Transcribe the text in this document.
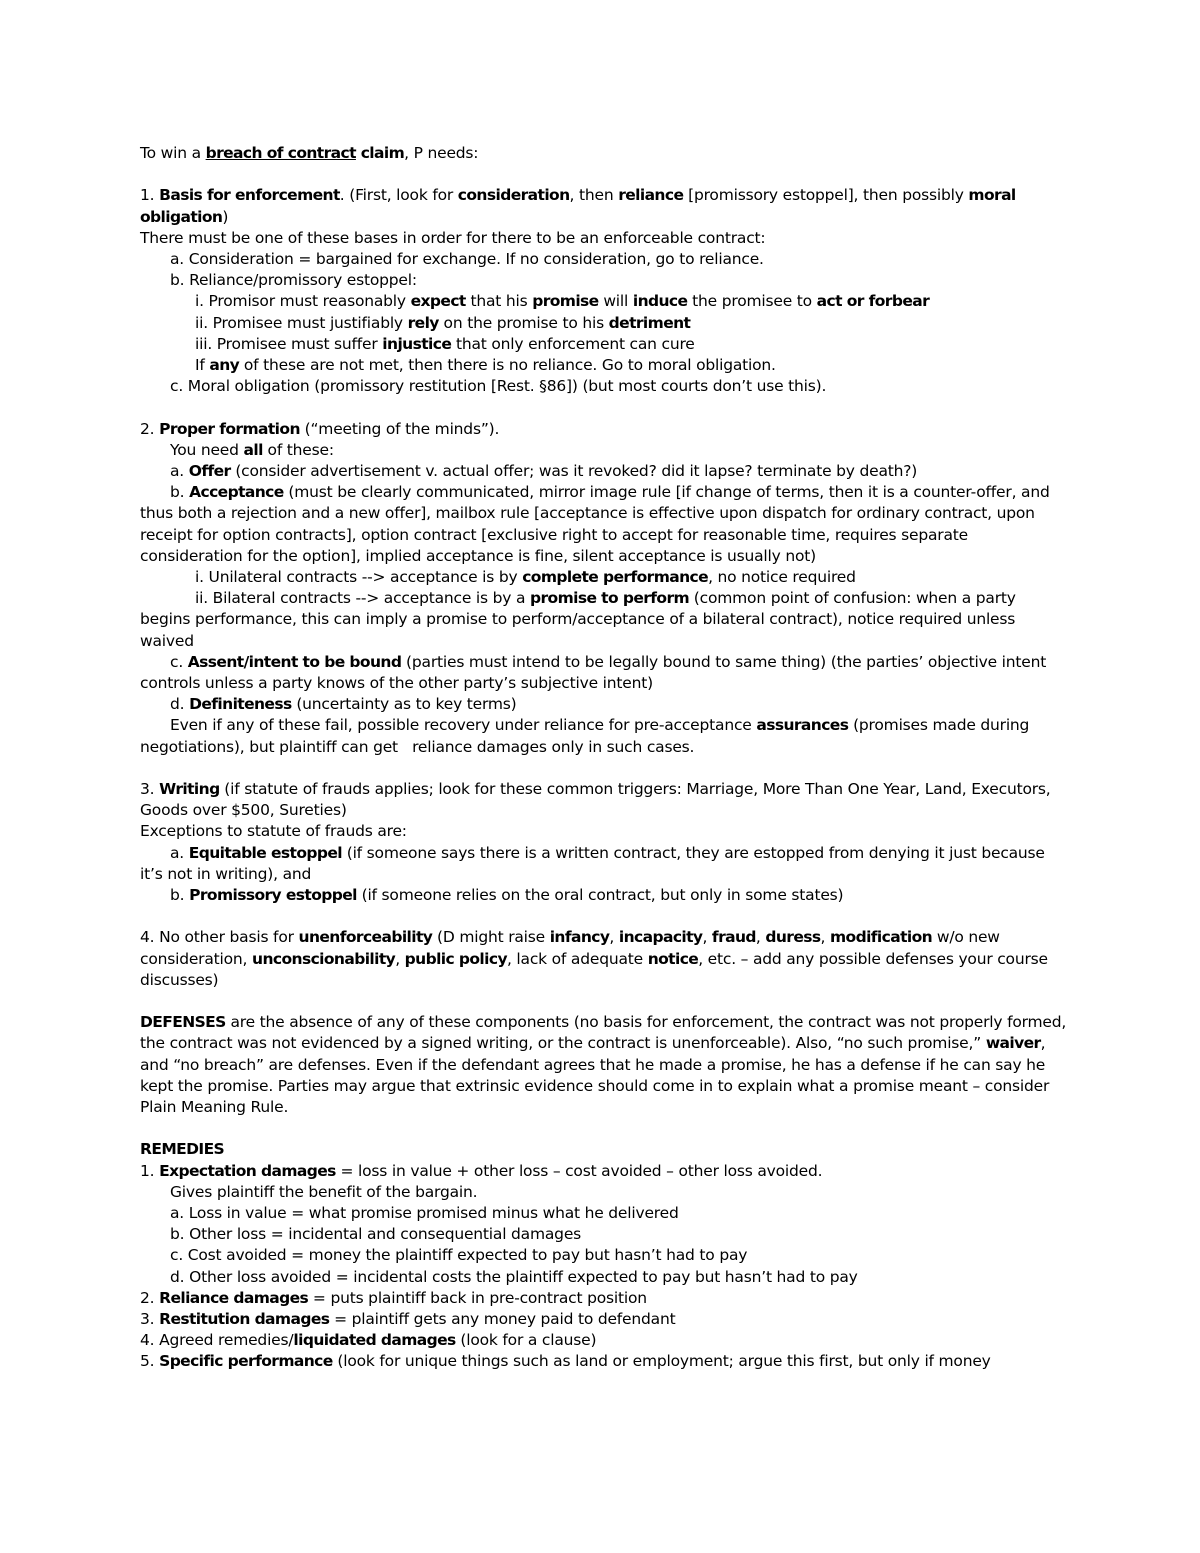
To win a breach of contract claim, P needs:
1. Basis for enforcement. (First, look for consideration, then reliance [promissory estoppel], then possibly moral obligation)
There must be one of these bases in order for there to be an enforceable contract:
a. Consideration = bargained for exchange. If no consideration, go to reliance.
b. Reliance/promissory estoppel:
i. Promisor must reasonably expect that his promise will induce the promisee to act or forbear
ii. Promisee must justifiably rely on the promise to his detriment
iii. Promisee must suffer injustice that only enforcement can cure
If any of these are not met, then there is no reliance. Go to moral obligation.
c. Moral obligation (promissory restitution [Rest. §86]) (but most courts don’t use this).
2. Proper formation (“meeting of the minds”).
You need all of these:
a. Offer (consider advertisement v. actual offer; was it revoked? did it lapse? terminate by death?)
b. Acceptance (must be clearly communicated, mirror image rule [if change of terms, then it is a counter-offer, and thus both a rejection and a new offer], mailbox rule [acceptance is effective upon dispatch for ordinary contract, upon receipt for option contracts], option contract [exclusive right to accept for reasonable time, requires separate consideration for the option], implied acceptance is fine, silent acceptance is usually not)
i. Unilateral contracts --> acceptance is by complete performance, no notice required
ii. Bilateral contracts --> acceptance is by a promise to perform (common point of confusion: when a party begins performance, this can imply a promise to perform/acceptance of a bilateral contract), notice required unless waived
c. Assent/intent to be bound (parties must intend to be legally bound to same thing) (the parties’ objective intent controls unless a party knows of the other party’s subjective intent)
d. Definiteness (uncertainty as to key terms)
Even if any of these fail, possible recovery under reliance for pre-acceptance assurances (promises made during negotiations), but plaintiff can get   reliance damages only in such cases.
3. Writing (if statute of frauds applies; look for these common triggers: Marriage, More Than One Year, Land, Executors, Goods over $500, Sureties)
Exceptions to statute of frauds are:
a. Equitable estoppel (if someone says there is a written contract, they are estopped from denying it just because it’s not in writing), and
b. Promissory estoppel (if someone relies on the oral contract, but only in some states)
4. No other basis for unenforceability (D might raise infancy, incapacity, fraud, duress, modification w/o new consideration, unconscionability, public policy, lack of adequate notice, etc. – add any possible defenses your course discusses)
DEFENSES are the absence of any of these components (no basis for enforcement, the contract was not properly formed, the contract was not evidenced by a signed writing, or the contract is unenforceable). Also, “no such promise,” waiver, and “no breach” are defenses. Even if the defendant agrees that he made a promise, he has a defense if he can say he kept the promise. Parties may argue that extrinsic evidence should come in to explain what a promise meant – consider Plain Meaning Rule.
REMEDIES
1. Expectation damages = loss in value + other loss – cost avoided – other loss avoided.
Gives plaintiff the benefit of the bargain.
a. Loss in value = what promise promised minus what he delivered
b. Other loss = incidental and consequential damages
c. Cost avoided = money the plaintiff expected to pay but hasn’t had to pay
d. Other loss avoided = incidental costs the plaintiff expected to pay but hasn’t had to pay
2. Reliance damages = puts plaintiff back in pre-contract position
3. Restitution damages = plaintiff gets any money paid to defendant
4. Agreed remedies/liquidated damages (look for a clause)
5. Specific performance (look for unique things such as land or employment; argue this first, but only if money
